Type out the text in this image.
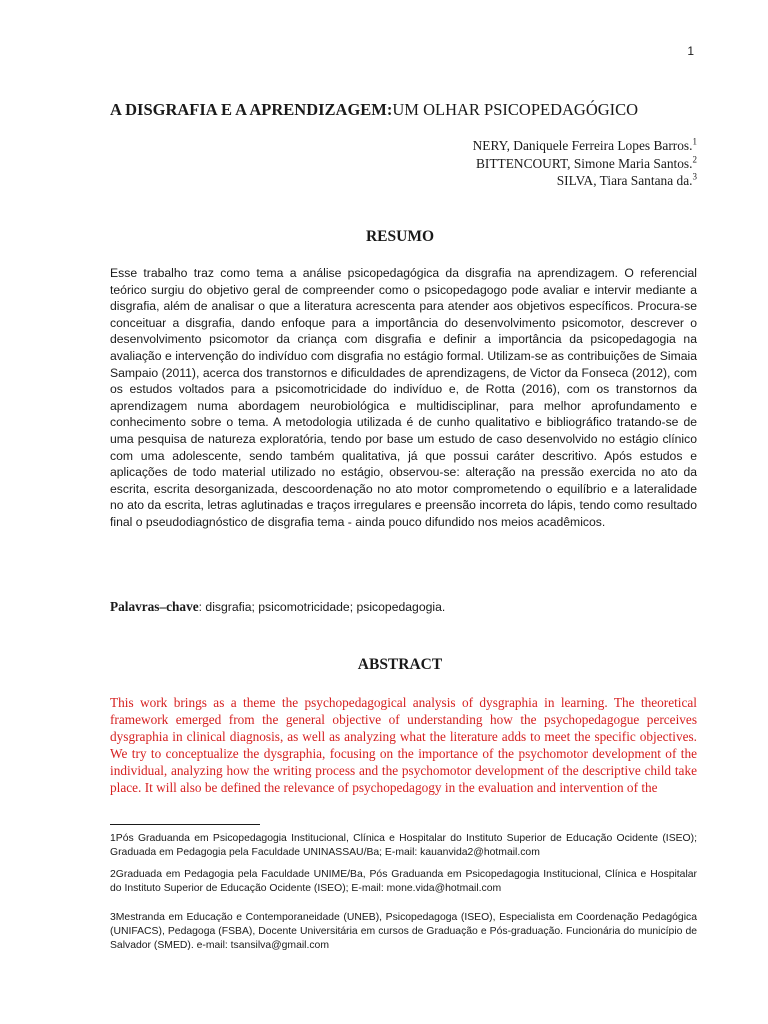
1
A DISGRAFIA E A APRENDIZAGEM:UM OLHAR PSICOPEDAGÓGICO
NERY, Daniquele Ferreira Lopes Barros.$^1$
BITTENCOURT, Simone Maria Santos.$^2$
SILVA, Tiara Santana da.$^3$
RESUMO

Esse trabalho traz como tema a análise psicopedagógica da disgrafia na aprendizagem. O referencial teórico surgiu do objetivo geral de compreender como o psicopedagogo pode avaliar e intervir mediante a disgrafia, além de analisar o que a literatura acrescenta para atender aos objetivos específicos. Procura-se conceituar a disgrafia, dando enfoque para a importância do desenvolvimento psicomotor, descrever o desenvolvimento psicomotor da criança com disgrafia e definir a importância da psicopedagogia na avaliação e intervenção do indivíduo com disgrafia no estágio formal. Utilizam-se as contribuições de Simaia Sampaio (2011), acerca dos transtornos e dificuldades de aprendizagens, de Victor da Fonseca (2012), com os estudos voltados para a psicomotricidade do indivíduo e, de Rotta (2016), com os transtornos da aprendizagem numa abordagem neurobiológica e multidisciplinar, para melhor aprofundamento e conhecimento sobre o tema. A metodologia utilizada é de cunho qualitativo e bibliográfico tratando-se de uma pesquisa de natureza exploratória, tendo por base um estudo de caso desenvolvido no estágio clínico com uma adolescente, sendo também qualitativa, já que possui caráter descritivo. Após estudos e aplicações de todo material utilizado no estágio, observou-se: alteração na pressão exercida no ato da escrita, escrita desorganizada, descoordenação no ato motor comprometendo o equilíbrio e a lateralidade no ato da escrita, letras aglutinadas e traços irregulares e preensão incorreta do lápis, tendo como resultado final o pseudodiagnóstico de disgrafia tema - ainda pouco difundido nos meios acadêmicos.

Palavras–chave: disgrafia; psicomotricidade; psicopedagogia.
ABSTRACT

This work brings as a theme the psychopedagogical analysis of dysgraphia in learning. The theoretical framework emerged from the general objective of understanding how the psychopedagogue perceives dysgraphia in clinical diagnosis, as well as analyzing what the literature adds to meet the specific objectives. We try to conceptualize the dysgraphia, focusing on the importance of the psychomotor development of the individual, analyzing how the writing process and the psychomotor development of the descriptive child take place. It will also be defined the relevance of psychopedagogy in the evaluation and intervention of the

1Pós Graduanda em Psicopedagogia Institucional, Clínica e Hospitalar do Instituto Superior de Educação Ocidente (ISEO); Graduada em Pedagogia pela Faculdade UNINASSAU/Ba; E-mail: kauanvida2@hotmail.com

2Graduada em Pedagogia pela Faculdade UNIME/Ba, Pós Graduanda em Psicopedagogia Institucional, Clínica e Hospitalar do Instituto Superior de Educação Ocidente (ISEO); E-mail: mone.vida@hotmail.com

3Mestranda em Educação e Contemporaneidade (UNEB), Psicopedagoga (ISEO), Especialista em Coordenação Pedagógica (UNIFACS), Pedagoga (FSBA), Docente Universitária em cursos de Graduação e Pós-graduação. Funcionária do município de Salvador (SMED). e-mail: tsansilva@gmail.com
